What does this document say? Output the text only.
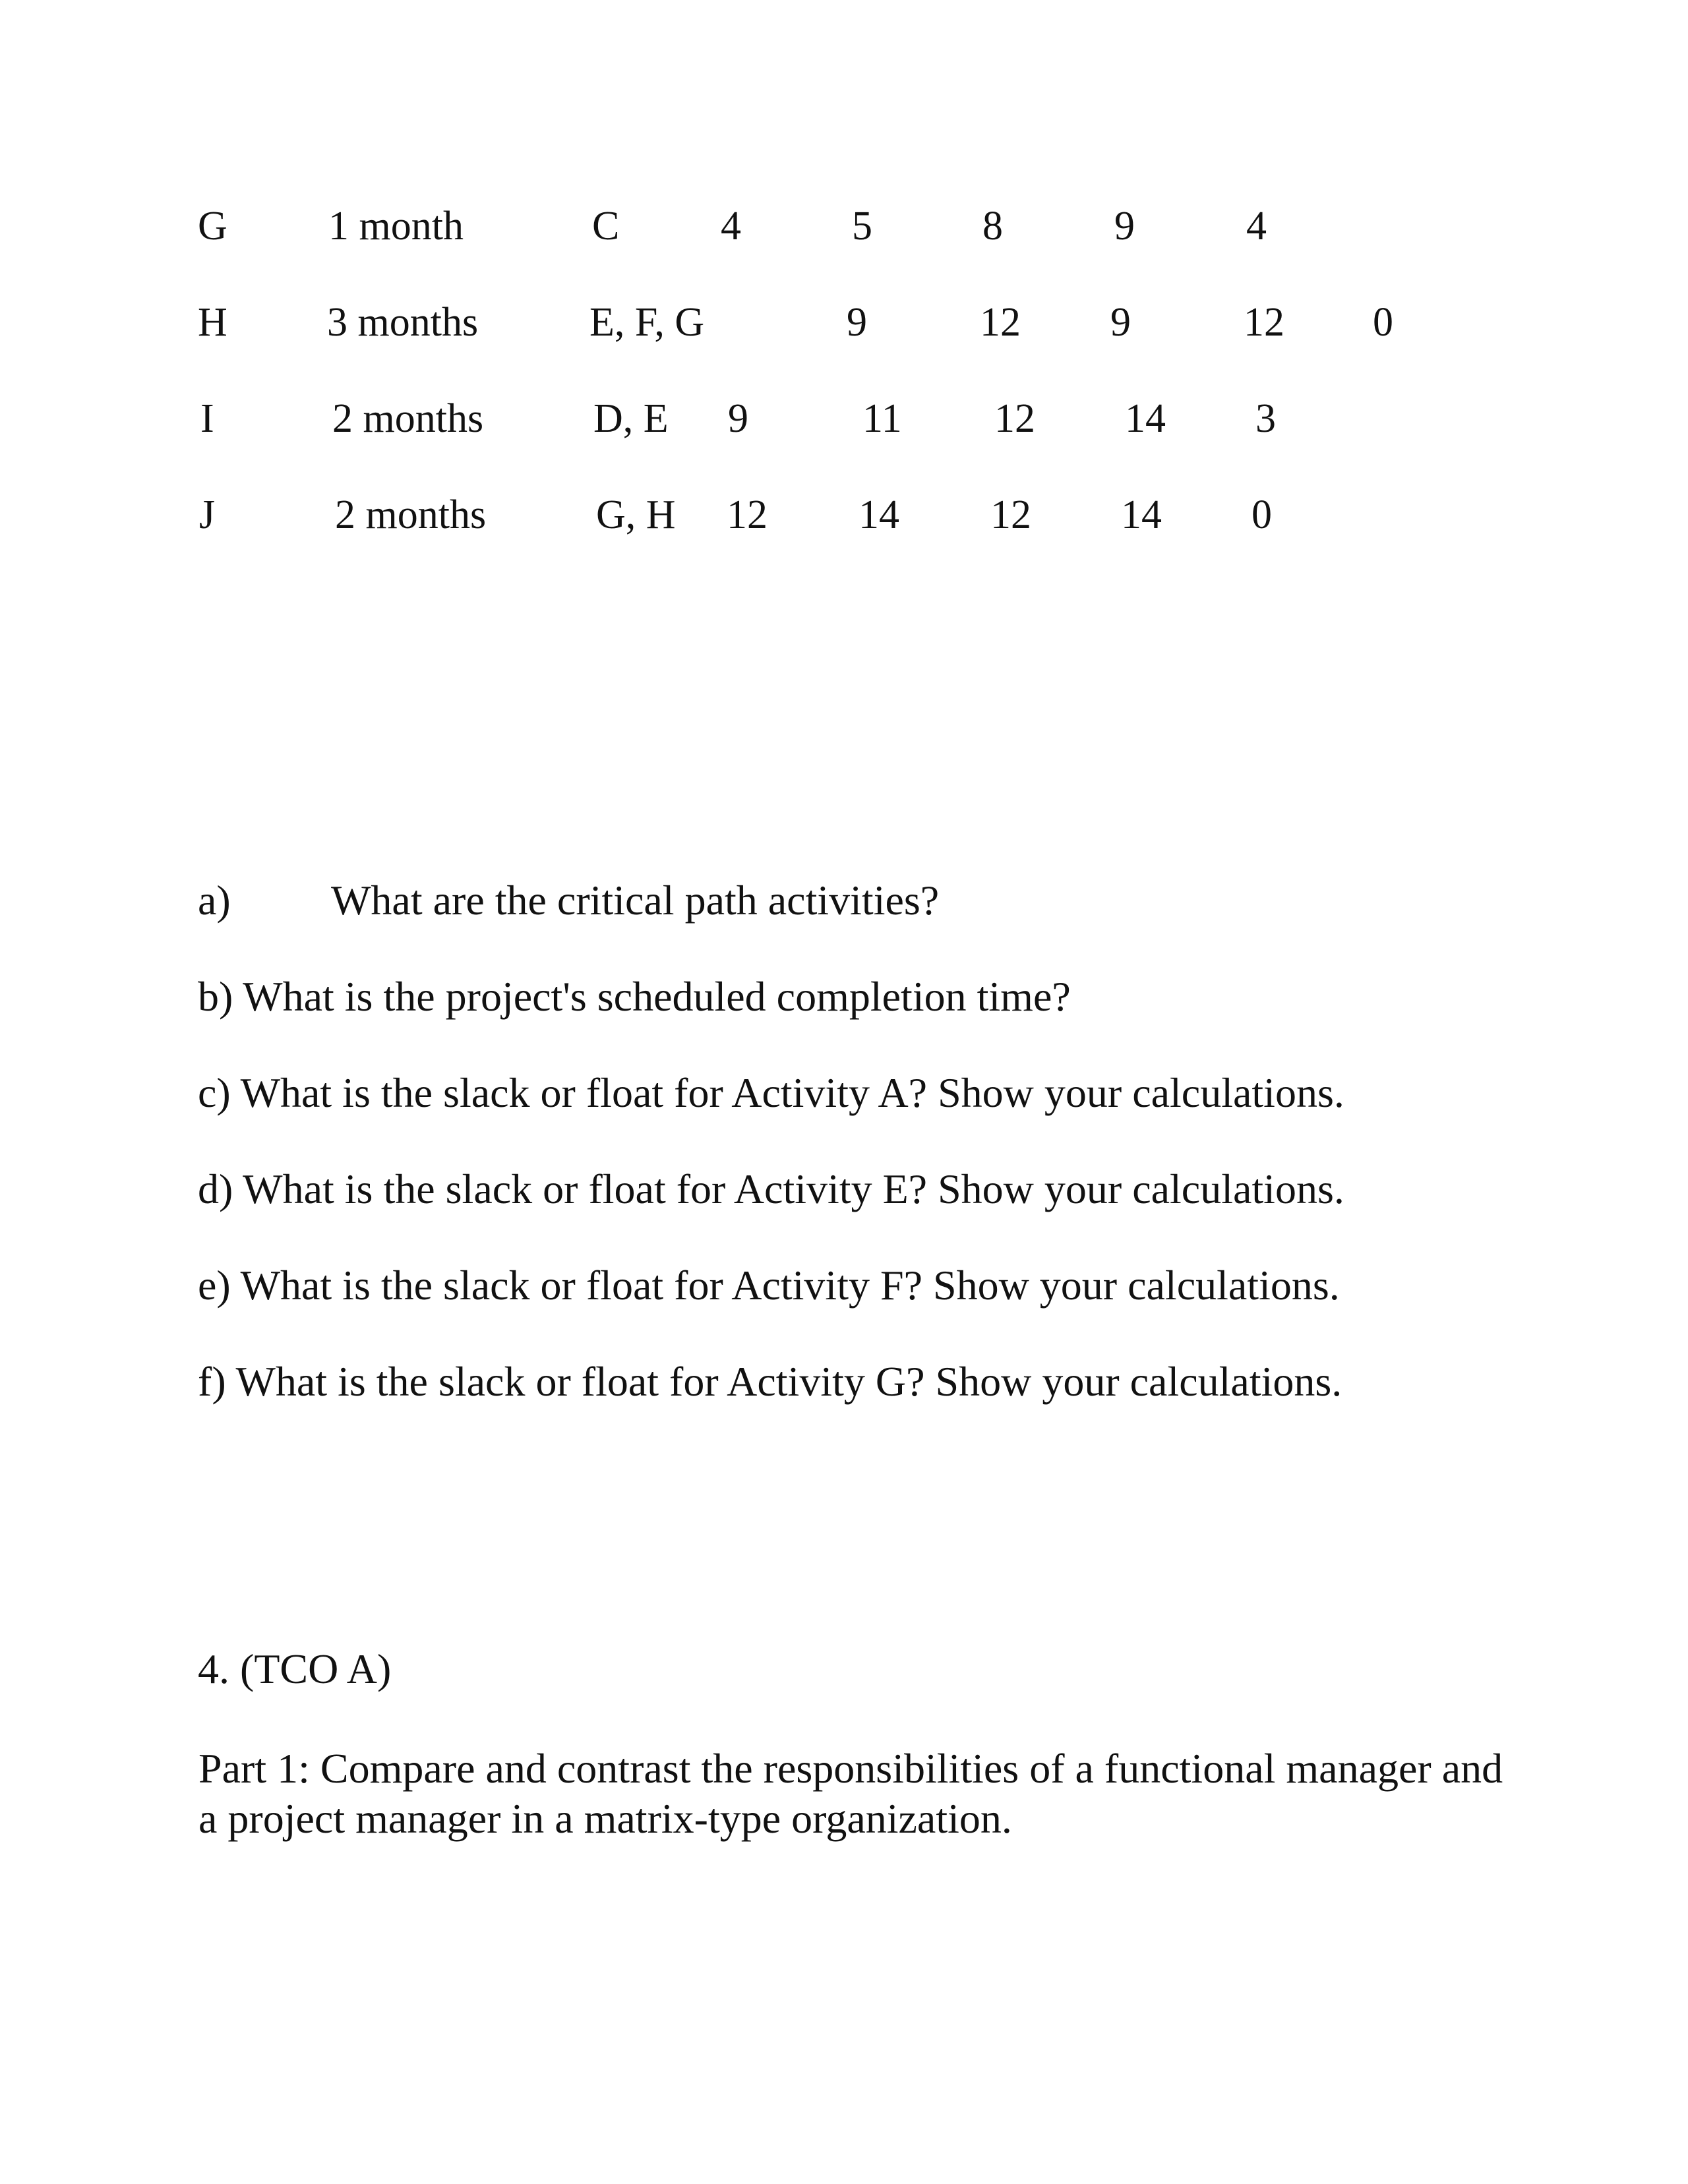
G 1 month	C 4	5	8	9	4
H 3 months	E, F, G	9	12 9	12 0
I	2 months	D, E 9	11 12 14 3
J	2 months	G, H 12 14 12 14 0
a) What are the critical path activities?
b) What is the project's scheduled completion time?
c) What is the slack or float for Activity A? Show your calculations.
d) What is the slack or float for Activity E? Show your calculations.
e) What is the slack or float for Activity F? Show your calculations.
f) What is the slack or float for Activity G? Show your calculations.
4. (TCO A)
Part 1: Compare and contrast the responsibilities of a functional manager and a project manager in a matrix-type organization.
